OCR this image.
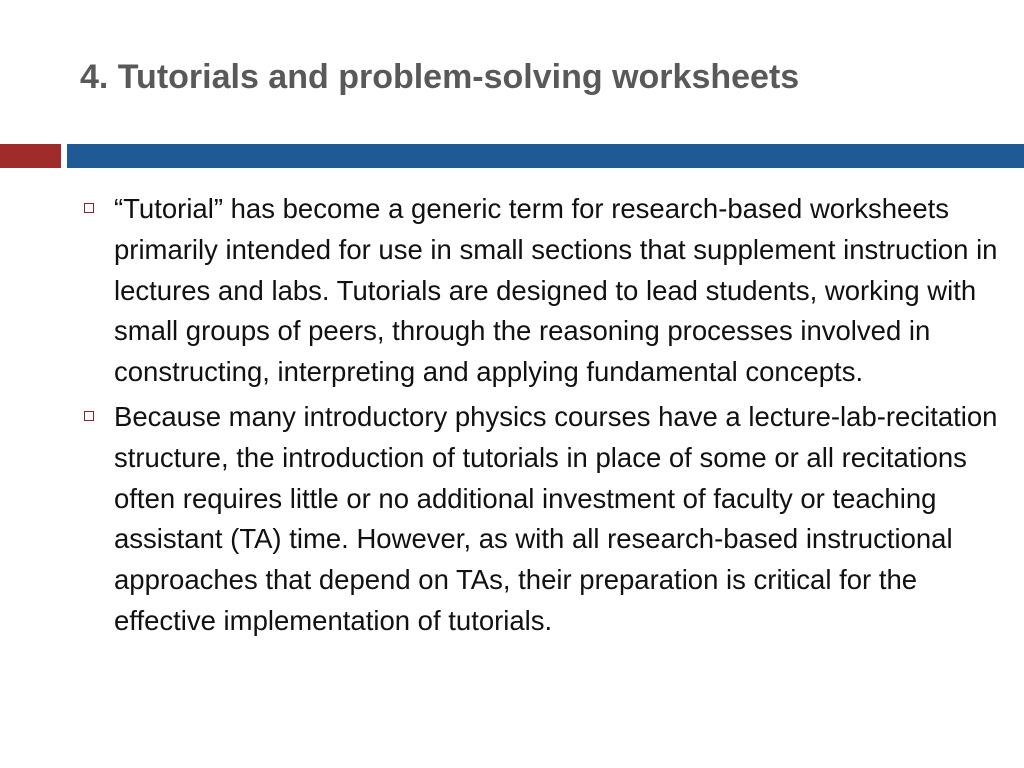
4. Tutorials and problem-solving worksheets
“Tutorial” has become a generic term for research-based worksheets primarily intended for use in small sections that supplement instruction in lectures and labs. Tutorials are designed to lead students, working with small groups of peers, through the reasoning processes involved in constructing, interpreting and applying fundamental concepts.
Because many introductory physics courses have a lecture-lab-recitation structure, the introduction of tutorials in place of some or all recitations often requires little or no additional investment of faculty or teaching assistant (TA) time. However, as with all research-based instructional approaches that depend on TAs, their preparation is critical for the effective implementation of tutorials.
